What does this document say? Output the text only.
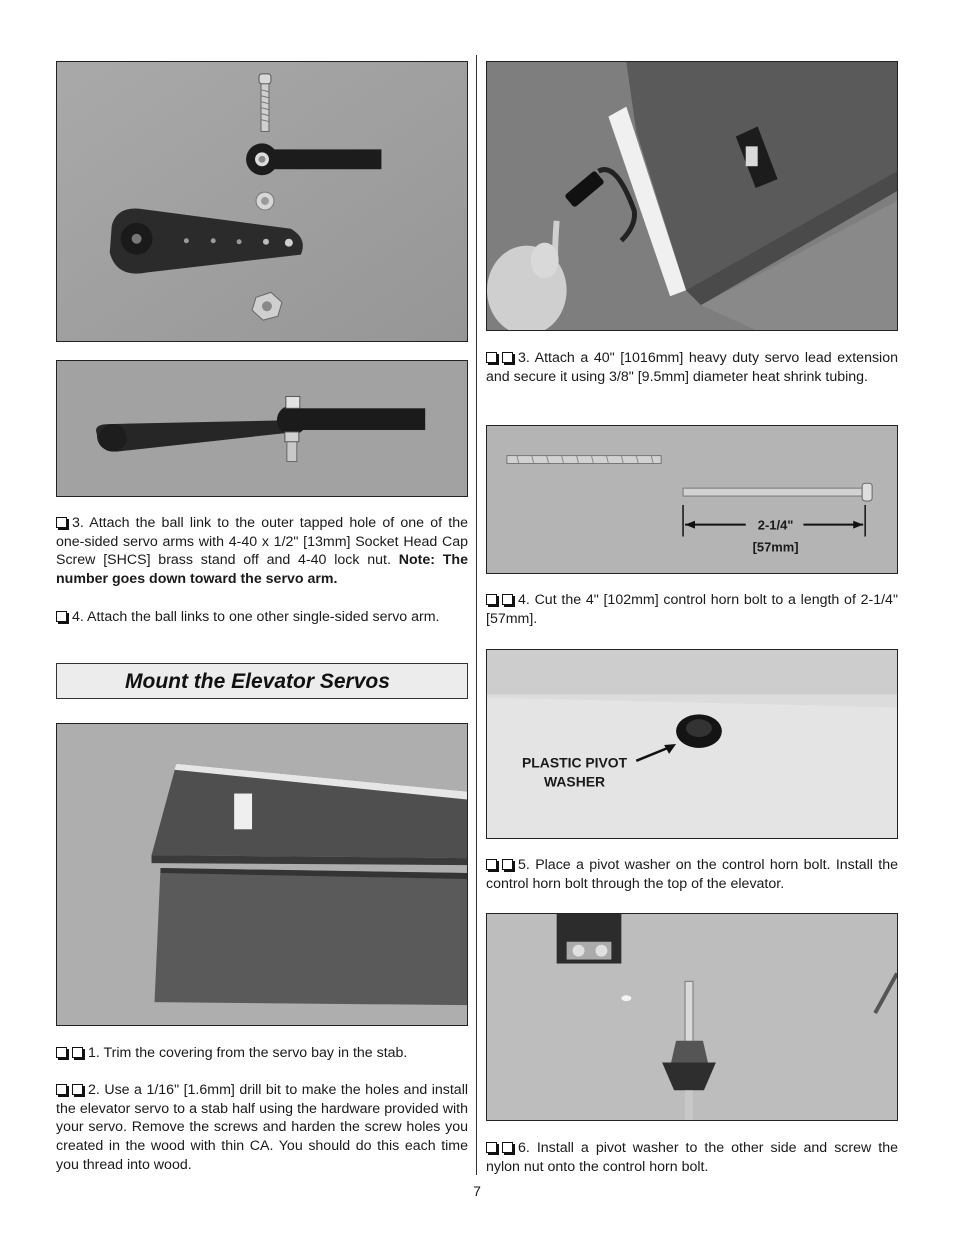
3. Attach the ball link to the outer tapped hole of one of the one-sided servo arms with 4-40 x 1/2" [13mm] Socket Head Cap Screw [SHCS] brass stand off and 4-40 lock nut. Note: The number goes down toward the servo arm.

4. Attach the ball links to one other single-sided servo arm.

Mount the Elevator Servos

1. Trim the covering from the servo bay in the stab.

2. Use a 1/16" [1.6mm] drill bit to make the holes and install the elevator servo to a stab half using the hardware provided with your servo. Remove the screws and harden the screw holes you created in the wood with thin CA. You should do this each time you thread into wood.

3. Attach a 40" [1016mm] heavy duty servo lead extension and secure it using 3/8" [9.5mm] diameter heat shrink tubing.

2-1/4"
[57mm]

4. Cut the 4" [102mm] control horn bolt to a length of 2-1/4" [57mm].

PLASTIC PIVOT
WASHER

5. Place a pivot washer on the control horn bolt. Install the control horn bolt through the top of the elevator.

6. Install a pivot washer to the other side and screw the nylon nut onto the control horn bolt.

7
